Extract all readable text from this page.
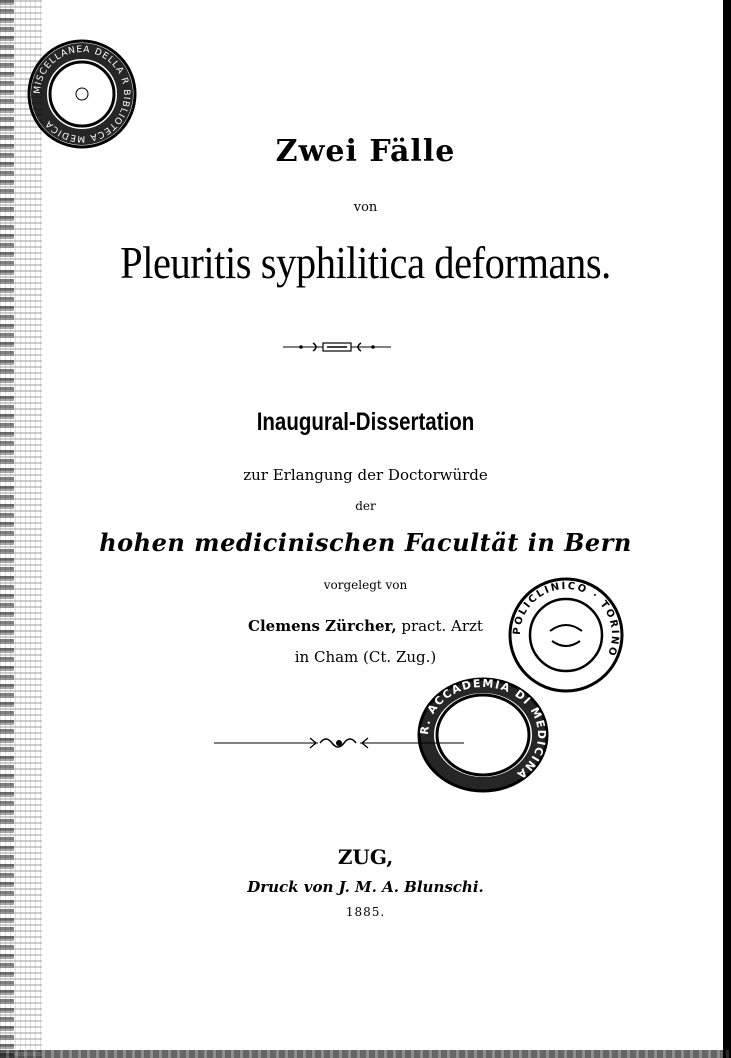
MISCELLANEA DELLA R BIBLIOTECA MEDICA
Zwei Fälle
von
Pleuritis syphilitica deformans.
Inaugural-Dissertation
zur Erlangung der Doctorwürde
der
hohen medicinischen Facultät in Bern
vorgelegt von
Clemens Zürcher, pract. Arzt
in Cham (Ct. Zug.)
POLICLINICO · TORINO
R. ACCADEMIA DI MEDICINA
ZUG,
Druck von J. M. A. Blunschi.
1885.
